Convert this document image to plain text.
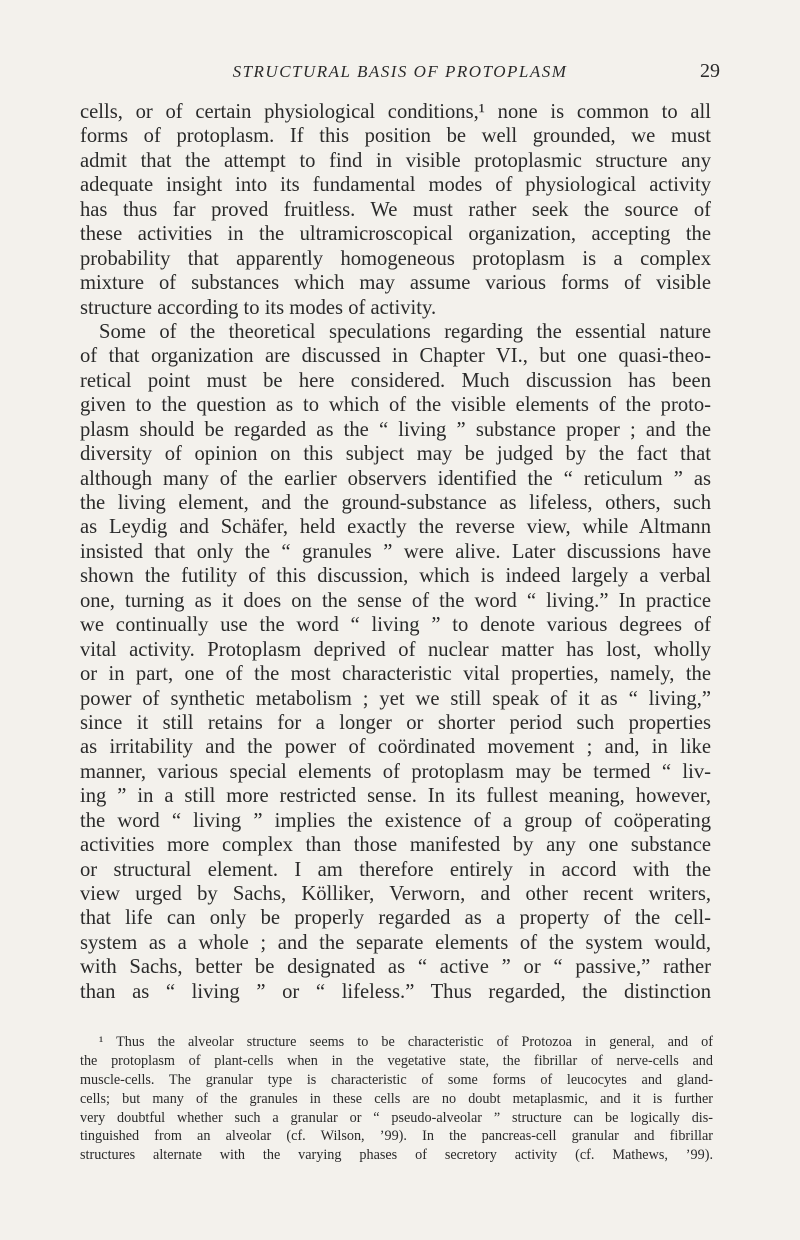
STRUCTURAL BASIS OF PROTOPLASM	29
cells, or of certain physiological conditions,¹ none is common to all
forms of protoplasm. If this position be well grounded, we must
admit that the attempt to find in visible protoplasmic structure any
adequate insight into its fundamental modes of physiological activity
has thus far proved fruitless. We must rather seek the source of
these activities in the ultramicroscopical organization, accepting the
probability that apparently homogeneous protoplasm is a complex
mixture of substances which may assume various forms of visible
structure according to its modes of activity.
Some of the theoretical speculations regarding the essential nature
of that organization are discussed in Chapter VI., but one quasi-theo-
retical point must be here considered. Much discussion has been
given to the question as to which of the visible elements of the proto-
plasm should be regarded as the “ living ” substance proper ; and the
diversity of opinion on this subject may be judged by the fact that
although many of the earlier observers identified the “ reticulum ” as
the living element, and the ground-substance as lifeless, others, such
as Leydig and Schäfer, held exactly the reverse view, while Altmann
insisted that only the “ granules ” were alive. Later discussions have
shown the futility of this discussion, which is indeed largely a verbal
one, turning as it does on the sense of the word “ living.” In practice
we continually use the word “ living ” to denote various degrees of
vital activity. Protoplasm deprived of nuclear matter has lost, wholly
or in part, one of the most characteristic vital properties, namely, the
power of synthetic metabolism ; yet we still speak of it as “ living,”
since it still retains for a longer or shorter period such properties
as irritability and the power of coördinated movement ; and, in like
manner, various special elements of protoplasm may be termed “ liv-
ing ” in a still more restricted sense. In its fullest meaning, however,
the word “ living ” implies the existence of a group of coöperating
activities more complex than those manifested by any one substance
or structural element. I am therefore entirely in accord with the
view urged by Sachs, Kölliker, Verworn, and other recent writers,
that life can only be properly regarded as a property of the cell-
system as a whole ; and the separate elements of the system would,
with Sachs, better be designated as “ active ” or “ passive,” rather
than as “ living ” or “ lifeless.” Thus regarded, the distinction
¹ Thus the alveolar structure seems to be characteristic of Protozoa in general, and of
the protoplasm of plant-cells when in the vegetative state, the fibrillar of nerve-cells and
muscle-cells. The granular type is characteristic of some forms of leucocytes and gland-
cells; but many of the granules in these cells are no doubt metaplasmic, and it is further
very doubtful whether such a granular or “ pseudo-alveolar ” structure can be logically dis-
tinguished from an alveolar (cf. Wilson, ’99). In the pancreas-cell granular and fibrillar
structures alternate with the varying phases of secretory activity (cf. Mathews, ’99).
